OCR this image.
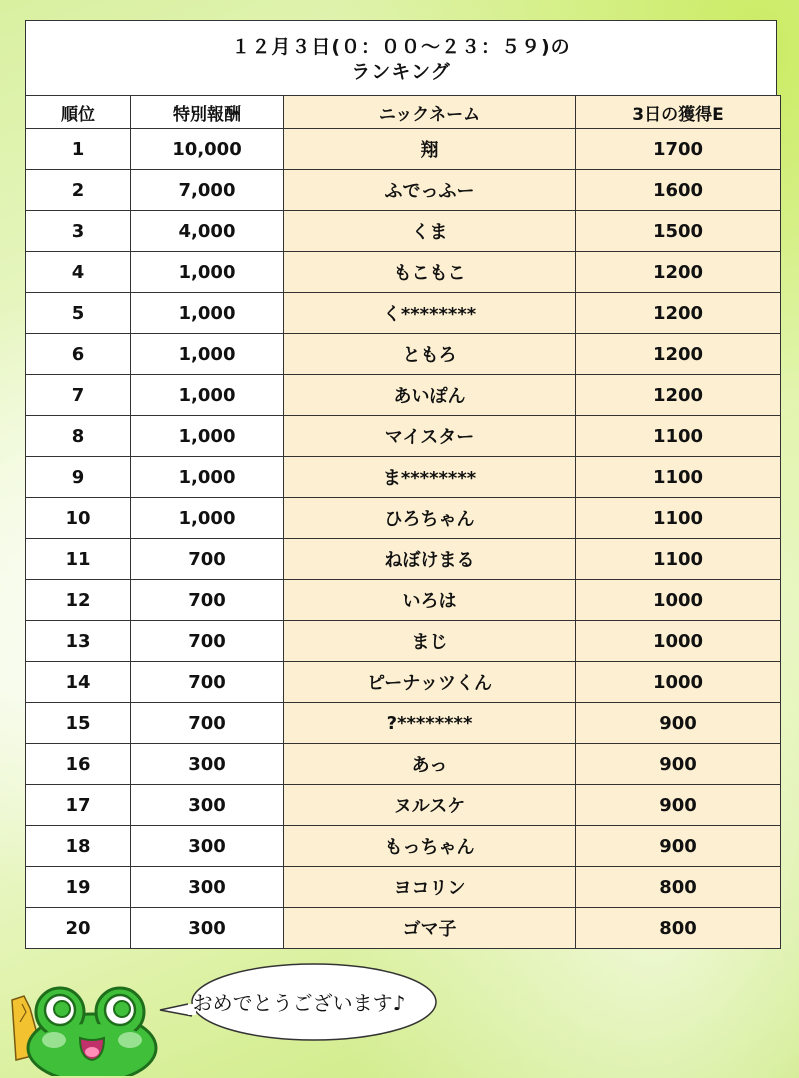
１２月３日(０：００～２３：５９)の
ランキング
順位	特別報酬	ニックネーム	3日の獲得E
1	10,000	翔	1700
2	7,000	ふでっふー	1600
3	4,000	くま	1500
4	1,000	もこもこ	1200
5	1,000	く********	1200
6	1,000	ともろ	1200
7	1,000	あいぽん	1200
8	1,000	マイスター	1100
9	1,000	ま********	1100
10	1,000	ひろちゃん	1100
11	700	ねぼけまる	1100
12	700	いろは	1000
13	700	まじ	1000
14	700	ピーナッツくん	1000
15	700	?********	900
16	300	あっ	900
17	300	ヌルスケ	900
18	300	もっちゃん	900
19	300	ヨコリン	800
20	300	ゴマ子	800
おめでとうございます♪
